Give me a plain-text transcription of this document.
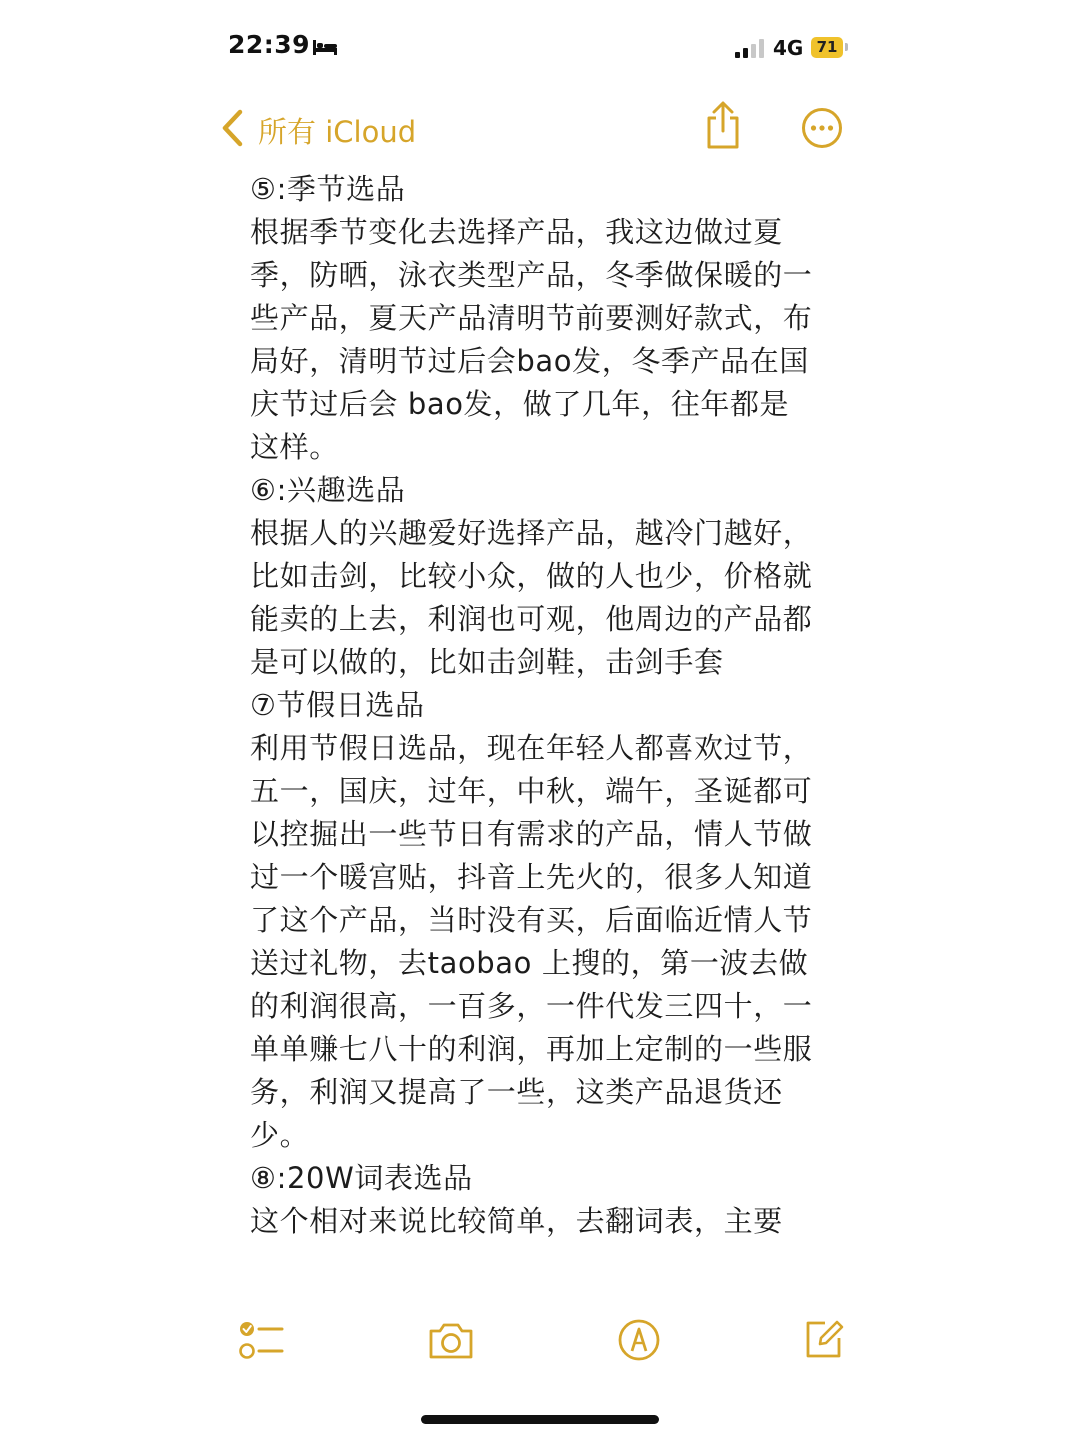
22:39	4G 71
所有 iCloud

⑤:季节选品

根据季节变化去选择产品，我这边做过夏季，防晒，泳衣类型产品，冬季做保暖的一些产品，夏天产品清明节前要测好款式，布局好，清明节过后会bao发，冬季产品在国庆节过后会 bao发，做了几年，往年都是这样。

⑥:兴趣选品

根据人的兴趣爱好选择产品，越冷门越好，比如击剑，比较小众，做的人也少，价格就能卖的上去，利润也可观，他周边的产品都是可以做的，比如击剑鞋，击剑手套

⑦节假日选品

利用节假日选品，现在年轻人都喜欢过节，五一，国庆，过年，中秋，端午，圣诞都可以控掘出一些节日有需求的产品，情人节做过一个暖宫贴，抖音上先火的，很多人知道了这个产品，当时没有买，后面临近情人节送过礼物，去taobao 上搜的，第一波去做的利润很高，一百多，一件代发三四十，一单单赚七八十的利润，再加上定制的一些服务，利润又提高了一些，这类产品退货还少。

⑧:20W词表选品

这个相对来说比较简单，去翻词表，主要
